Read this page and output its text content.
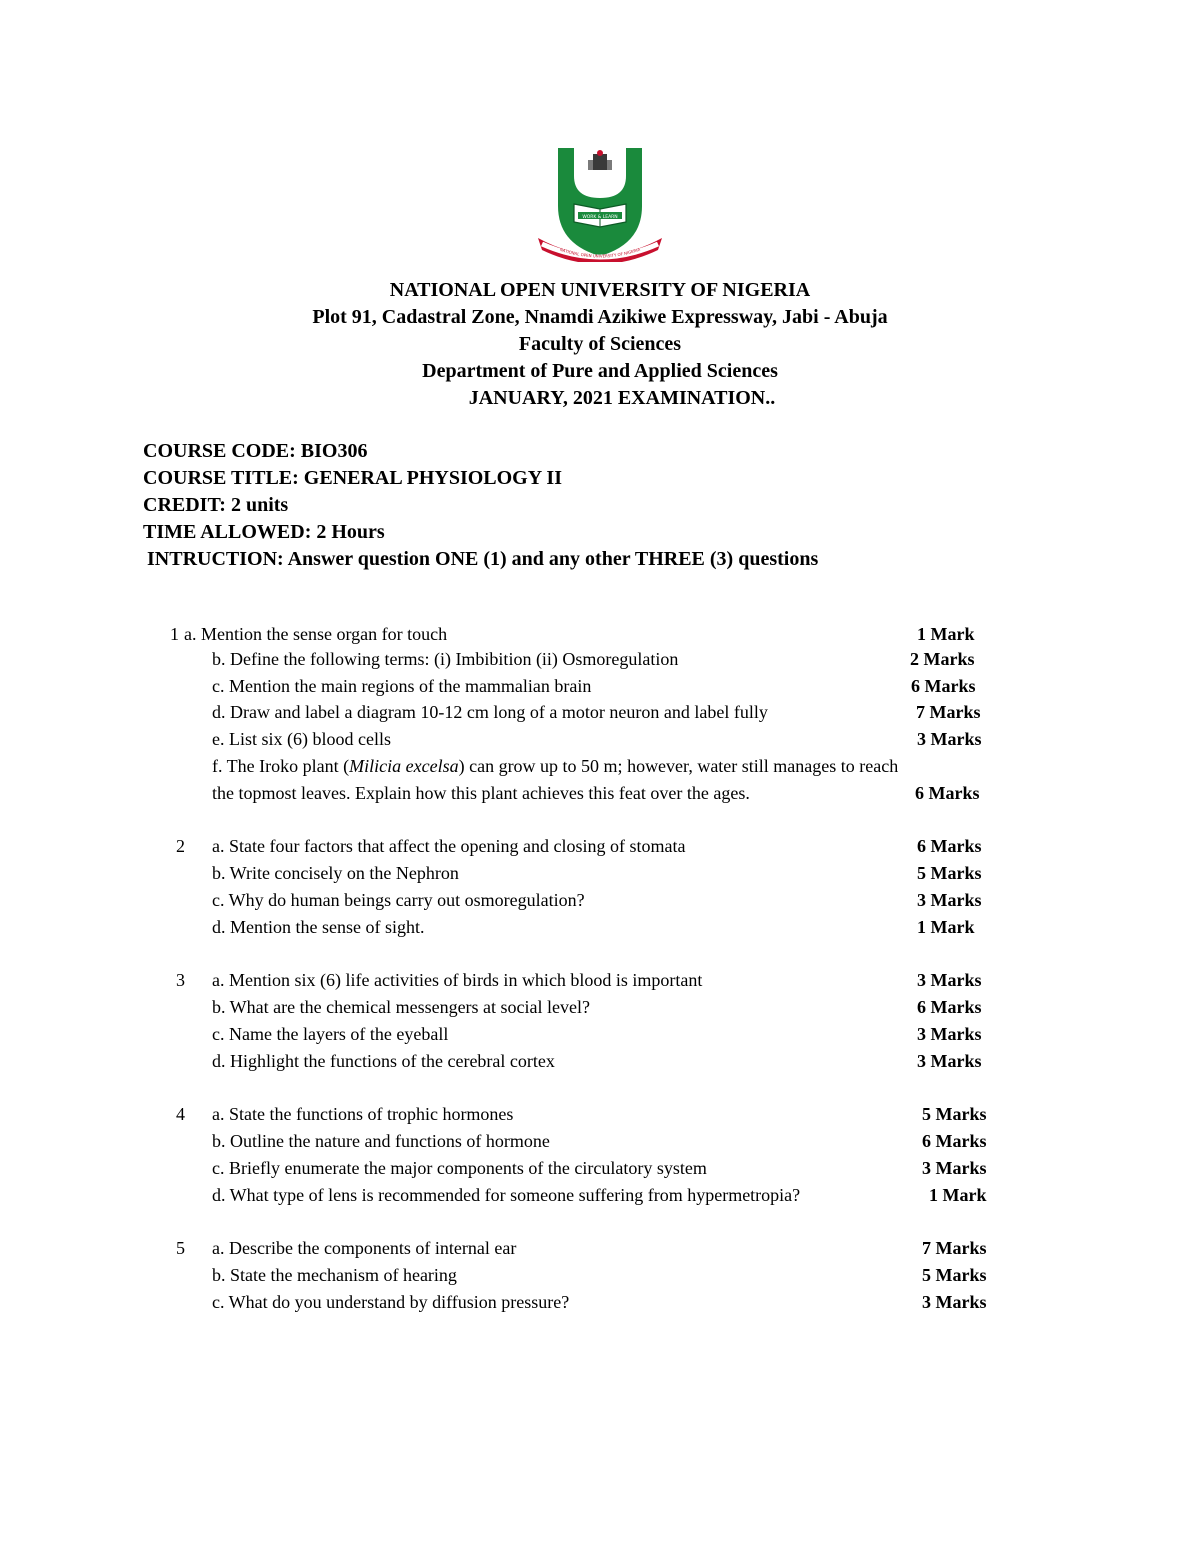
WORK & LEARN
NATIONAL OPEN UNIVERSITY OF NIGERIA
NATIONAL OPEN UNIVERSITY OF NIGERIA
Plot 91, Cadastral Zone, Nnamdi Azikiwe Expressway, Jabi - Abuja
Faculty of Sciences
Department of Pure and Applied Sciences
JANUARY, 2021 EXAMINATION..
COURSE CODE: BIO306
COURSE TITLE: GENERAL PHYSIOLOGY II
CREDIT: 2 units
TIME ALLOWED: 2 Hours
INTRUCTION: Answer question ONE (1) and any other THREE (3) questions
1 a. Mention the sense organ for touch	1 Mark
b. Define the following terms: (i) Imbibition (ii) Osmoregulation	2 Marks
c. Mention the main regions of the mammalian brain	6 Marks
d. Draw and label a diagram 10-12 cm long of a motor neuron and label fully	7 Marks
e. List six (6) blood cells	3 Marks
f. The Iroko plant (Milicia excelsa) can grow up to 50 m; however, water still manages to reach
the topmost leaves. Explain how this plant achieves this feat over the ages.	6 Marks
2 a. State four factors that affect the opening and closing of stomata	6 Marks
b. Write concisely on the Nephron	5 Marks
c. Why do human beings carry out osmoregulation?	3 Marks
d. Mention the sense of sight.	1 Mark
3 a. Mention six (6) life activities of birds in which blood is important	3 Marks
b. What are the chemical messengers at social level?	6 Marks
c. Name the layers of the eyeball	3 Marks
d. Highlight the functions of the cerebral cortex	3 Marks
4 a. State the functions of trophic hormones	5 Marks
b. Outline the nature and functions of hormone	6 Marks
c. Briefly enumerate the major components of the circulatory system	3 Marks
d. What type of lens is recommended for someone suffering from hypermetropia?	1 Mark
5 a. Describe the components of internal ear	7 Marks
b. State the mechanism of hearing	5 Marks
c. What do you understand by diffusion pressure?	3 Marks
